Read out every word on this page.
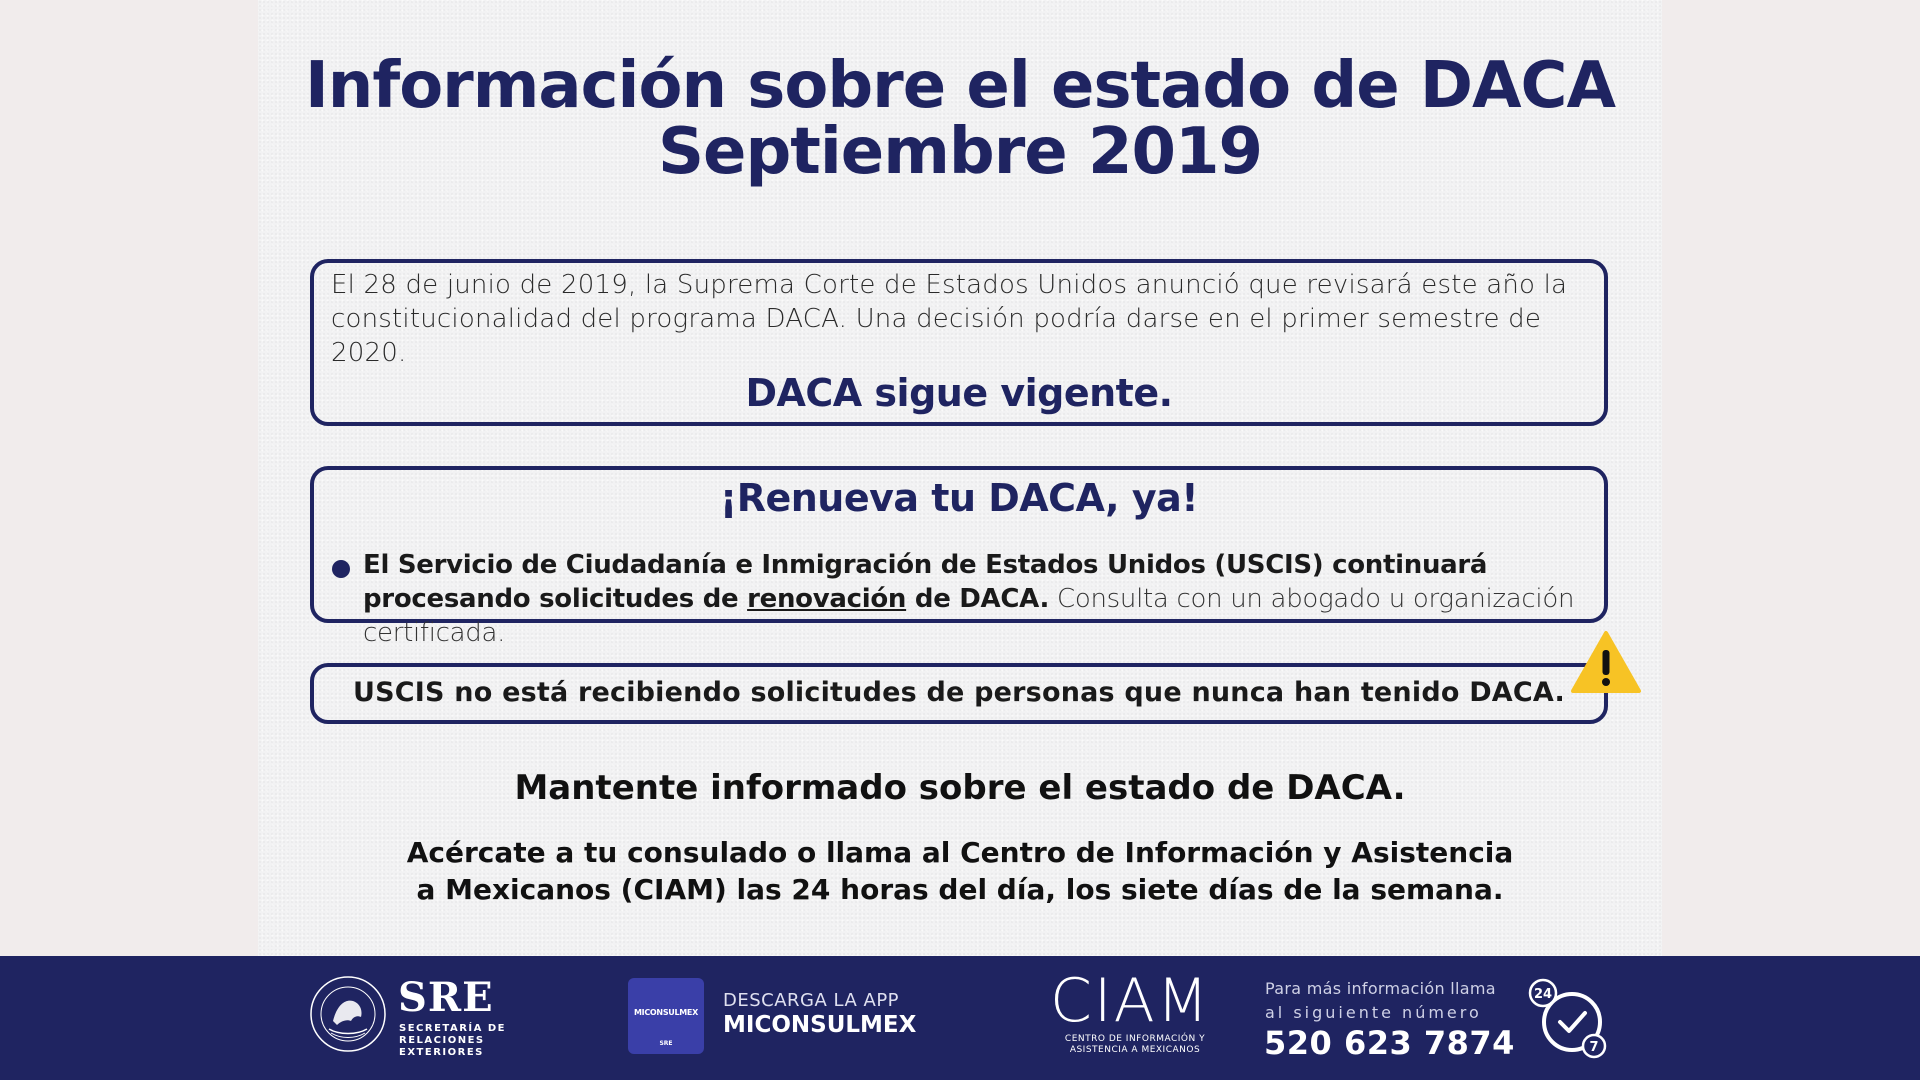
Información sobre el estado de DACA
Septiembre 2019
El 28 de junio de 2019, la Suprema Corte de Estados Unidos anunció que revisará este año la constitucionalidad del programa DACA. Una decisión podría darse en el primer semestre de 2020.
DACA sigue vigente.
¡Renueva tu DACA, ya!
El Servicio de Ciudadanía e Inmigración de Estados Unidos (USCIS) continuará procesando solicitudes de renovación de DACA. Consulta con un abogado u organización certificada.
USCIS no está recibiendo solicitudes de personas que nunca han tenido DACA.
Mantente informado sobre el estado de DACA.
Acércate a tu consulado o llama al Centro de Información y Asistencia
a Mexicanos (CIAM) las 24 horas del día, los siete días de la semana.
SRE
SECRETARÍA DE
RELACIONES
EXTERIORES
MICONSULMEX
SRE
DESCARGA LA APP
MICONSULMEX CIAM
CENTRO DE INFORMACIÓN Y
ASISTENCIA A MEXICANOS
Para más información llama
al siguiente número
520 623 7874
24
7
